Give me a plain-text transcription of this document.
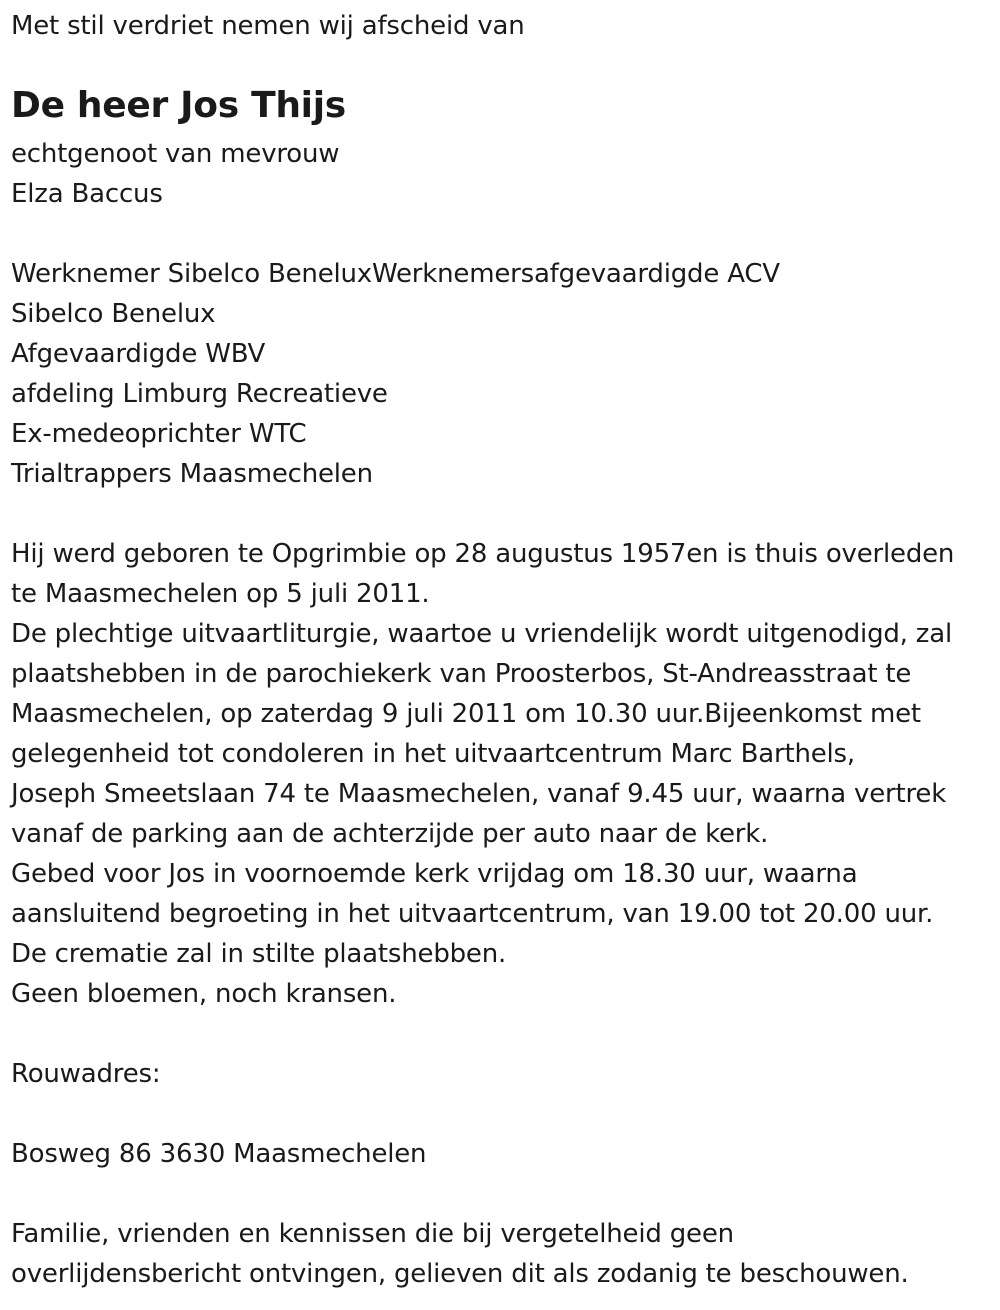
Met stil verdriet nemen wij afscheid van
De heer Jos Thijs
echtgenoot van mevrouw
Elza Baccus
Werknemer Sibelco BeneluxWerknemersafgevaardigde ACV
Sibelco Benelux
Afgevaardigde WBV
afdeling Limburg Recreatieve
Ex-medeoprichter WTC
Trialtrappers Maasmechelen
Hij werd geboren te Opgrimbie op 28 augustus 1957en is thuis overleden
te Maasmechelen op 5 juli 2011.
De plechtige uitvaartliturgie, waartoe u vriendelijk wordt uitgenodigd, zal
plaatshebben in de parochiekerk van Proosterbos, St-Andreasstraat te
Maasmechelen, op zaterdag 9 juli 2011 om 10.30 uur.Bijeenkomst met
gelegenheid tot condoleren in het uitvaartcentrum Marc Barthels,
Joseph Smeetslaan 74 te Maasmechelen, vanaf 9.45 uur, waarna vertrek
vanaf de parking aan de achterzijde per auto naar de kerk.
Gebed voor Jos in voornoemde kerk vrijdag om 18.30 uur, waarna
aansluitend begroeting in het uitvaartcentrum, van 19.00 tot 20.00 uur.
De crematie zal in stilte plaatshebben.
Geen bloemen, noch kransen.
Rouwadres:
Bosweg 86 3630 Maasmechelen
Familie, vrienden en kennissen die bij vergetelheid geen
overlijdensbericht ontvingen, gelieven dit als zodanig te beschouwen.
